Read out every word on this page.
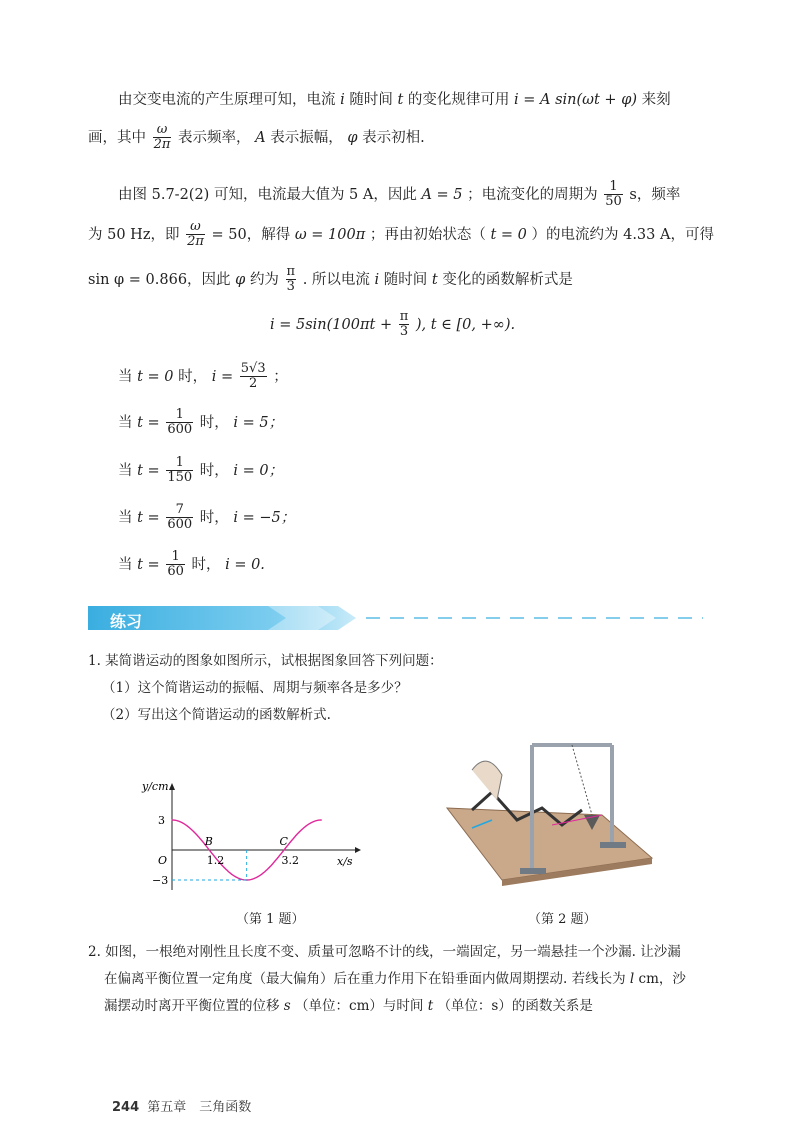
由交变电流的产生原理可知，电流 i 随时间 t 的变化规律可用 i = A sin(ωt + φ) 来刻
画，其中 $\frac{\omega}{2\pi}$ 表示频率， A 表示振幅， φ 表示初相.
由图 5.7-2(2) 可知，电流最大值为 5 A，因此 A = 5 ；电流变化的周期为 $\frac{1}{50}$ s，频率
为 50 Hz，即 $\frac{\omega}{2\pi} = 50$，解得 ω = 100π ；再由初始状态（ t = 0 ）的电流约为 4.33 A，可得
sin φ = 0.866，因此 φ 约为 $\frac{\pi}{3}$ . 所以电流 i 随时间 t 变化的函数解析式是
$i = 5\sin(100\pi t + \frac{\pi}{3}$ ), t ∈ [0, +∞).
当 t = 0 时， $i = \frac{5√3}{2}$ ；
当 $t = \frac{1}{600}$ 时， i = 5；
当 $t = \frac{1}{150}$ 时， i = 0；
当 $t = \frac{7}{600}$ 时， i = −5；
当 $t = \frac{1}{60}$ 时， i = 0.
练习
1. 某简谐运动的图象如图所示，试根据图象回答下列问题：
（1）这个简谐运动的振幅、周期与频率各是多少？
（2）写出这个简谐运动的函数解析式.
y/cm
x/s
3
−3
1.2	3.2
B	C
O
（第 1 题）	（第 2 题）
2. 如图，一根绝对刚性且长度不变、质量可忽略不计的线，一端固定，另一端悬挂一个沙漏. 让沙漏
在偏离平衡位置一定角度（最大偏角）后在重力作用下在铅垂面内做周期摆动. 若线长为 l cm，沙
漏摆动时离开平衡位置的位移 s （单位：cm）与时间 t （单位：s）的函数关系是
244 第五章　三角函数
